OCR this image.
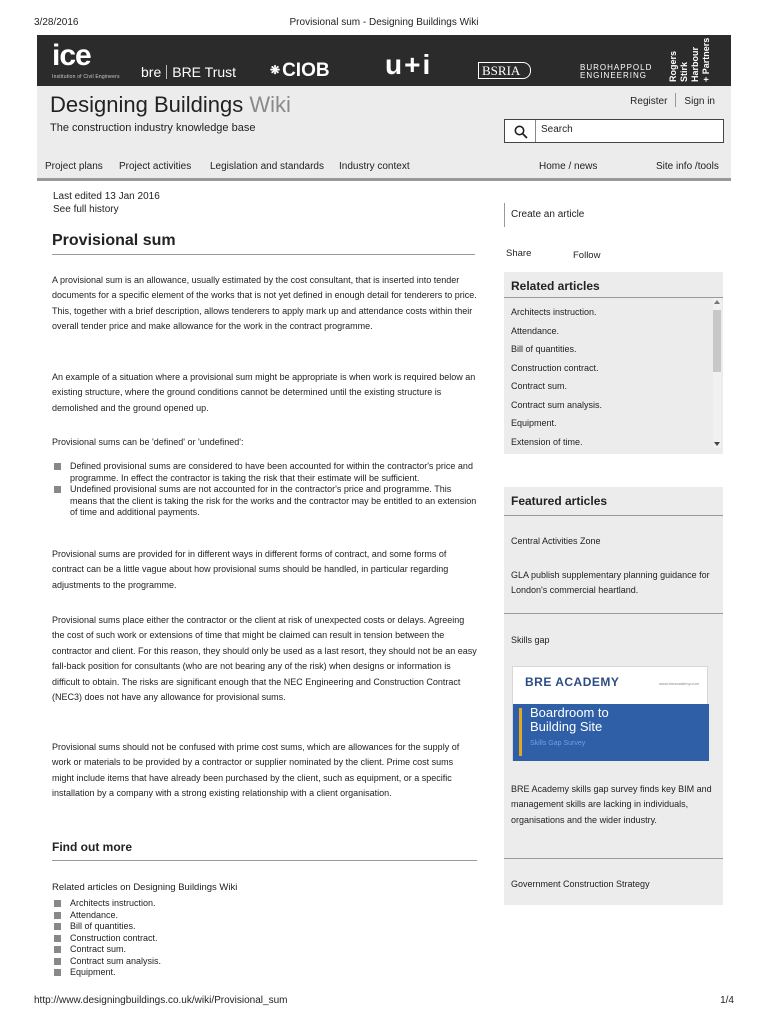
3/28/2016	Provisional sum - Designing Buildings Wiki
ice
Institution of Civil Engineers bre BRE Trust	❋ CIOB u+i	BSRIA	BUROHAPPOLD
ENGINEERING	Rogers Stirk Harbour + Partners
Designing Buildings Wiki
The construction industry knowledge base
Register Sign in
Search
Project plans Project activities Legislation and standards Industry context	Home / news	Site info /tools
Last edited 13 Jan 2016
See full history
Provisional sum

A provisional sum is an allowance, usually estimated by the cost consultant, that is inserted into tender documents for a specific element of the works that is not yet defined in enough detail for tenderers to price. This, together with a brief description, allows tenderers to apply mark up and attendance costs within their overall tender price and make allowance for the work in the contract programme.

An example of a situation where a provisional sum might be appropriate is when work is required below an existing structure, where the ground conditions cannot be determined until the existing structure is demolished and the ground opened up.

Provisional sums can be 'defined' or 'undefined':

Defined provisional sums are considered to have been accounted for within the contractor's price and programme. In effect the contractor is taking the risk that their estimate will be sufficient.
Undefined provisional sums are not accounted for in the contractor's price and programme. This means that the client is taking the risk for the works and the contractor may be entitled to an extension of time and additional payments.

Provisional sums are provided for in different ways in different forms of contract, and some forms of contract can be a little vague about how provisional sums should be handled, in particular regarding adjustments to the programme.

Provisional sums place either the contractor or the client at risk of unexpected costs or delays. Agreeing the cost of such work or extensions of time that might be claimed can result in tension between the contractor and client. For this reason, they should only be used as a last resort, they should not be an easy fall-back position for consultants (who are not bearing any of the risk) when designs or information is difficult to obtain. The risks are significant enough that the NEC Engineering and Construction Contract (NEC3) does not have any allowance for provisional sums.

Provisional sums should not be confused with prime cost sums, which are allowances for the supply of work or materials to be provided by a contractor or supplier nominated by the client. Prime cost sums might include items that have already been purchased by the client, such as equipment, or a specific installation by a company with a strong existing relationship with a client organisation.

Find out more
Related articles on Designing Buildings Wiki
Architects instruction.
Attendance.
Bill of quantities.
Construction contract.
Contract sum.
Contract sum analysis.
Equipment.
Create an article
Share	Follow
Related articles
Architects instruction.
Attendance.
Bill of quantities.
Construction contract.
Contract sum.
Contract sum analysis.
Equipment.
Extension of time.
Featured articles
Central Activities Zone
GLA publish supplementary planning guidance for London's commercial heartland.
Skills gap
BRE ACADEMY	www.breacademy.com
Boardroom to
Building Site
Skills Gap Survey
BRE Academy skills gap survey finds key BIM and management skills are lacking in individuals, organisations and the wider industry.
Government Construction Strategy
http://www.designingbuildings.co.uk/wiki/Provisional_sum	1/4
